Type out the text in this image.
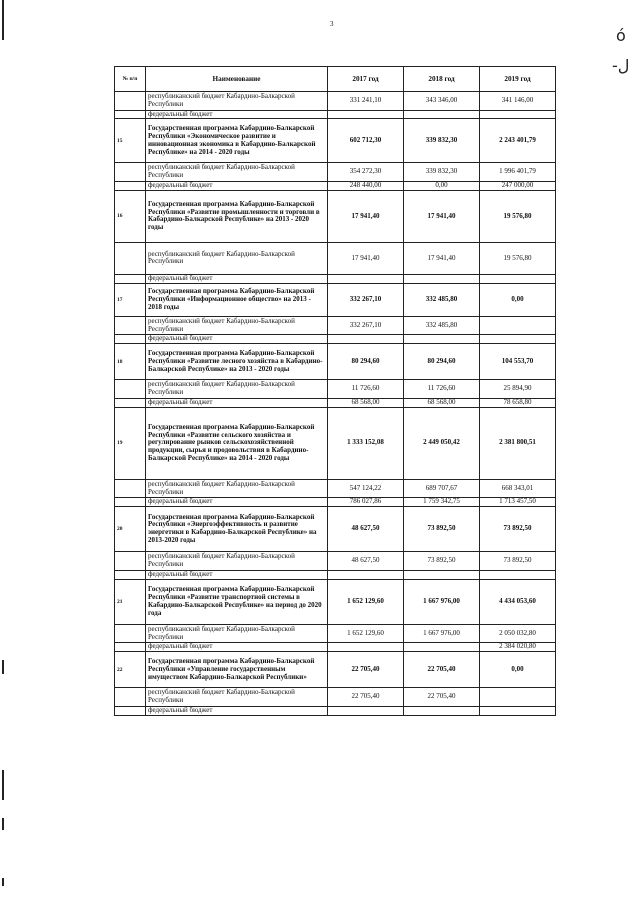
3
ó
-ل
№ п/п	Наименование	2017 год	2018 год	2019 год
	республиканский бюджет Кабардино-Балкарской Республики	331 241,10	343 346,00	341 146,00
	федеральный бюджет			
15	Государственная программа Кабардино-Балкарской Республики «Экономическое развитие и инновационная экономика в Кабардино-Балкарской Республике» на 2014 - 2020 годы	602 712,30	339 832,30	2 243 401,79
	республиканский бюджет Кабардино-Балкарской Республики	354 272,30	339 832,30	1 996 401,79
	федеральный бюджет	248 440,00	0,00	247 000,00
16	Государственная программа Кабардино-Балкарской Республики «Развитие промышленности и торговли в Кабардино-Балкарской Республике» на 2013 - 2020 годы	17 941,40	17 941,40	19 576,80
	республиканский бюджет Кабардино-Балкарской Республики	17 941,40	17 941,40	19 576,80
	федеральный бюджет			
17	Государственная программа Кабардино-Балкарской Республики «Информационное общество» на 2013 - 2018 годы	332 267,10	332 485,80	0,00
	республиканский бюджет Кабардино-Балкарской Республики	332 267,10	332 485,80	
	федеральный бюджет			
18	Государственная программа Кабардино-Балкарской Республики «Развитие лесного хозяйства в Кабардино-Балкарской Республике» на 2013 - 2020 годы	80 294,60	80 294,60	104 553,70
	республиканский бюджет Кабардино-Балкарской Республики	11 726,60	11 726,60	25 894,90
	федеральный бюджет	68 568,00	68 568,00	78 658,80
19	Государственная программа Кабардино-Балкарской Республики «Развитие сельского хозяйства и регулирование рынков сельскохозяйственной продукции, сырья и продовольствия в Кабардино-Балкарской Республике» на 2014 - 2020 годы	1 333 152,08	2 449 050,42	2 381 800,51
	республиканский бюджет Кабардино-Балкарской Республики	547 124,22	689 707,67	668 343,01
	федеральный бюджет	786 027,86	1 759 342,75	1 713 457,50
20	Государственная программа Кабардино-Балкарской Республики «Энергоэффективность и развитие энергетики в Кабардино-Балкарской Республике» на 2013-2020 годы	48 627,50	73 892,50	73 892,50
	республиканский бюджет Кабардино-Балкарской Республики	48 627,50	73 892,50	73 892,50
	федеральный бюджет			
21	Государственная программа Кабардино-Балкарской Республики «Развитие транспортной системы в Кабардино-Балкарской Республике» на период до 2020 года	1 652 129,60	1 667 976,00	4 434 053,60
	республиканский бюджет Кабардино-Балкарской Республики	1 652 129,60	1 667 976,00	2 050 032,80
	федеральный бюджет			2 384 020,80
22	Государственная программа Кабардино-Балкарской Республики «Управление государственным имуществом Кабардино-Балкарской Республики»	22 705,40	22 705,40	0,00
	республиканский бюджет Кабардино-Балкарской Республики	22 705,40	22 705,40	
	федеральный бюджет			
